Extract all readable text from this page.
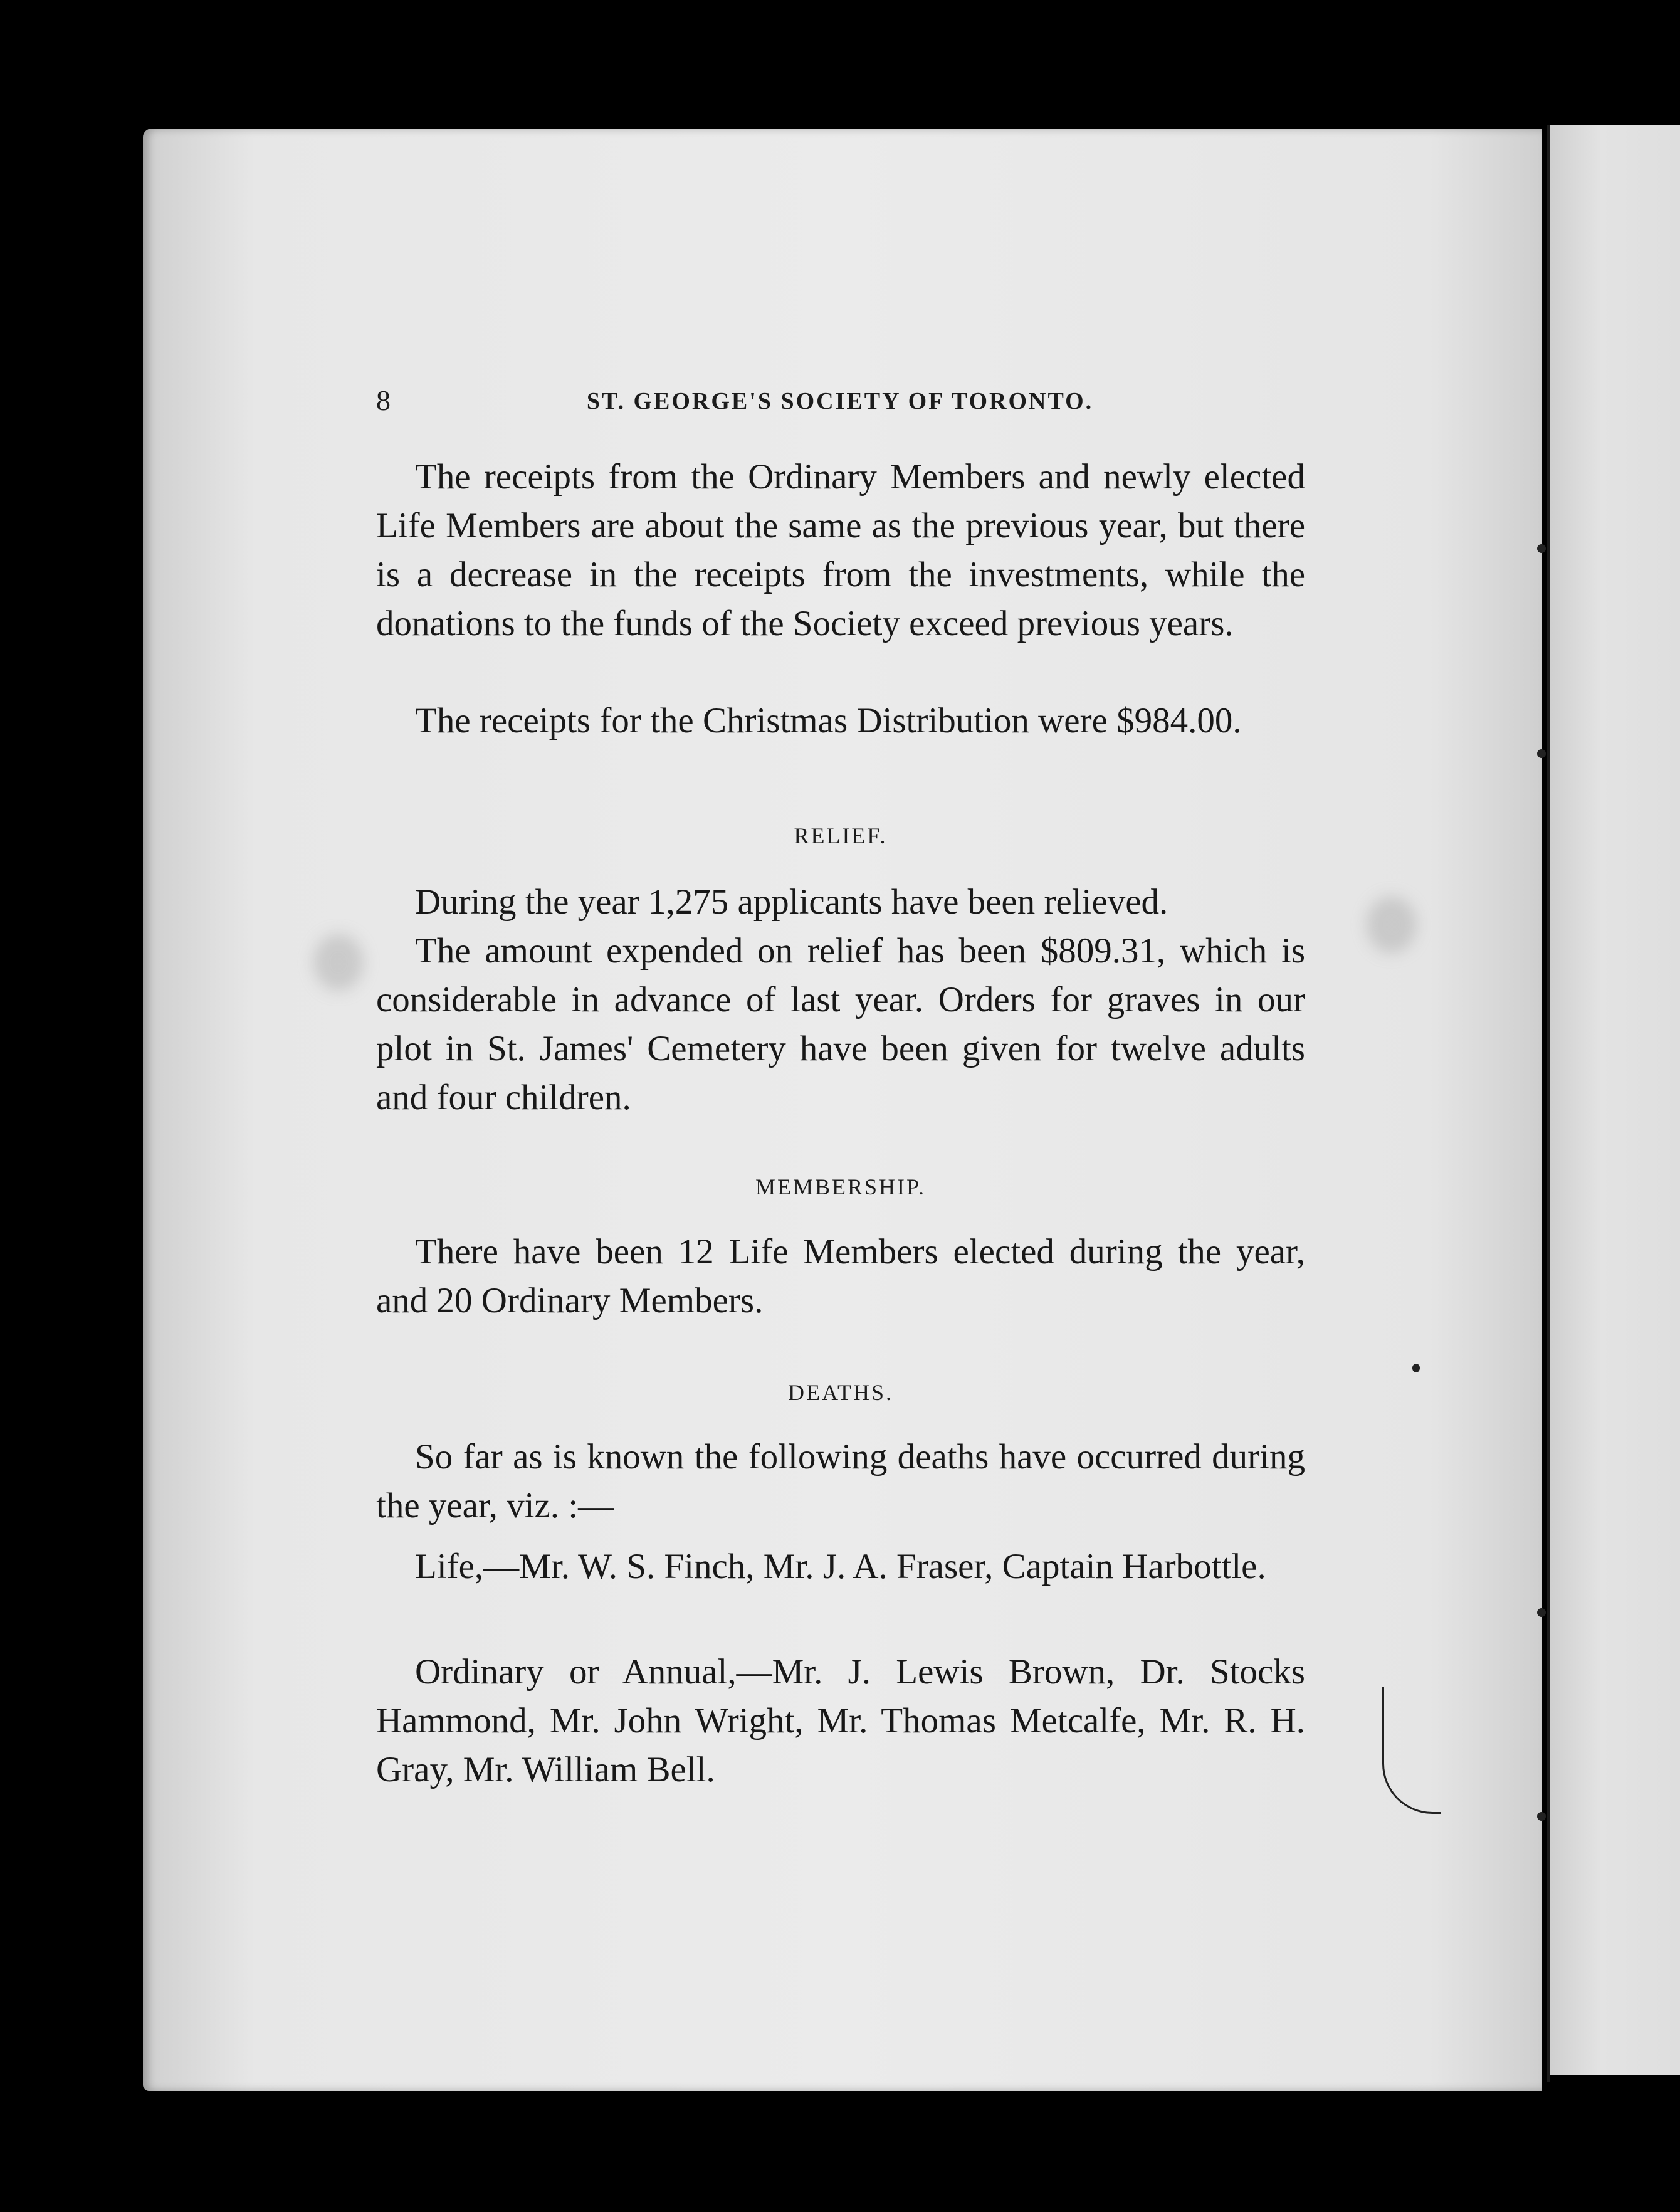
8	ST. GEORGE'S SOCIETY OF TORONTO.

The receipts from the Ordinary Members and newly elected Life Members are about the same as the previous year, but there is a decrease in the receipts from the investments, while the donations to the funds of the Society exceed previous years.

The receipts for the Christmas Distribution were $984.00.

RELIEF.

During the year 1,275 applicants have been relieved.

The amount expended on relief has been $809.31, which is considerable in advance of last year. Orders for graves in our plot in St. James' Cemetery have been given for twelve adults and four children.

MEMBERSHIP.

There have been 12 Life Members elected during the year, and 20 Ordinary Members.

DEATHS.

So far as is known the following deaths have occurred during the year, viz. :—

Life,—Mr. W. S. Finch, Mr. J. A. Fraser, Captain Harbottle.

Ordinary or Annual,—Mr. J. Lewis Brown, Dr. Stocks Hammond, Mr. John Wright, Mr. Thomas Metcalfe, Mr. R. H. Gray, Mr. William Bell.
